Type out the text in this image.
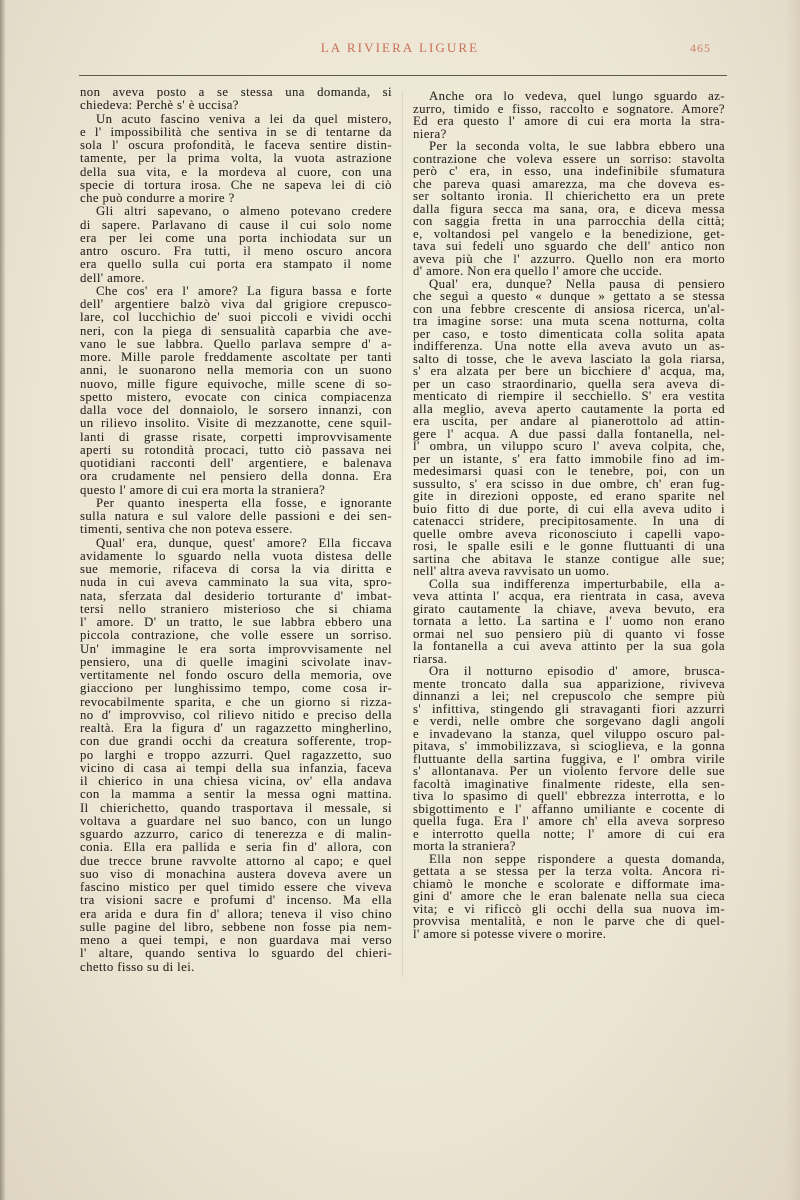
LA RIVIERA LIGURE	465
non aveva posto a se stessa una domanda, si
chiedeva: Perchè s' è uccisa?
Un acuto fascino veniva a lei da quel mistero,
e l' impossibilità che sentiva in se di tentarne da
sola l' oscura profondità, le faceva sentire distin-
tamente, per la prima volta, la vuota astrazione
della sua vita, e la mordeva al cuore, con una
specie di tortura irosa. Che ne sapeva lei di ciò
che può condurre a morire ?
Gli altri sapevano, o almeno potevano credere
di sapere. Parlavano di cause il cui solo nome
era per lei come una porta inchiodata sur un
antro oscuro. Fra tutti, il meno oscuro ancora
era quello sulla cui porta era stampato il nome
dell' amore.
Che cos' era l' amore? La figura bassa e forte
dell' argentiere balzò viva dal grigiore crepusco-
lare, col lucchichio de' suoi piccoli e vividi occhi
neri, con la piega di sensualità caparbia che ave-
vano le sue labbra. Quello parlava sempre d' a-
more. Mille parole freddamente ascoltate per tanti
anni, le suonarono nella memoria con un suono
nuovo, mille figure equivoche, mille scene di so-
spetto mistero, evocate con cinica compiacenza
dalla voce del donnaiolo, le sorsero innanzi, con
un rilievo insolito. Visite di mezzanotte, cene squil-
lanti di grasse risate, corpetti improvvisamente
aperti su rotondità procaci, tutto ciò passava nei
quotidiani racconti dell' argentiere, e balenava
ora crudamente nel pensiero della donna. Era
questo l' amore di cui era morta la straniera?
Per quanto inesperta ella fosse, e ignorante
sulla natura e sul valore delle passioni e dei sen-
timenti, sentiva che non poteva essere.
Qual' era, dunque, quest' amore? Ella ficcava
avidamente lo sguardo nella vuota distesa delle
sue memorie, rifaceva di corsa la via diritta e
nuda in cui aveva camminato la sua vita, spro-
nata, sferzata dal desiderio torturante d' imbat-
tersi nello straniero misterioso che si chiama
l' amore. D' un tratto, le sue labbra ebbero una
piccola contrazione, che volle essere un sorriso.
Un' immagine le era sorta improvvisamente nel
pensiero, una di quelle imagini scivolate inav-
vertitamente nel fondo oscuro della memoria, ove
giacciono per lunghissimo tempo, come cosa ir-
revocabilmente sparita, e che un giorno si rizza-
no d' improvviso, col rilievo nitido e preciso della
realtà. Era la figura d' un ragazzetto mingherlino,
con due grandi occhi da creatura sofferente, trop-
po larghi e troppo azzurri. Quel ragazzetto, suo
vicino di casa ai tempi della sua infanzia, faceva
il chierico in una chiesa vicina, ov' ella andava
con la mamma a sentir la messa ogni mattina.
Il chierichetto, quando trasportava il messale, si
voltava a guardare nel suo banco, con un lungo
sguardo azzurro, carico di tenerezza e di malin-
conia. Ella era pallida e seria fin d' allora, con
due trecce brune ravvolte attorno al capo; e quel
suo viso di monachina austera doveva avere un
fascino mistico per quel timido essere che viveva
tra visioni sacre e profumi d' incenso. Ma ella
era arida e dura fin d' allora; teneva il viso chino
sulle pagine del libro, sebbene non fosse pia nem-
meno a quei tempi, e non guardava mai verso
l' altare, quando sentiva lo sguardo del chieri-
chetto fisso su di lei.
Anche ora lo vedeva, quel lungo sguardo az-
zurro, timido e fisso, raccolto e sognatore. Amore?
Ed era questo l' amore di cui era morta la stra-
niera?
Per la seconda volta, le sue labbra ebbero una
contrazione che voleva essere un sorriso: stavolta
però c' era, in esso, una indefinibile sfumatura
che pareva quasi amarezza, ma che doveva es-
ser soltanto ironia. Il chierichetto era un prete
dalla figura secca ma sana, ora, e diceva messa
con saggia fretta in una parrocchia della città;
e, voltandosi pel vangelo e la benedizione, get-
tava sui fedeli uno sguardo che dell' antico non
aveva più che l' azzurro. Quello non era morto
d' amore. Non era quello l' amore che uccide.
Qual' era, dunque? Nella pausa di pensiero
che seguì a questo « dunque » gettato a se stessa
con una febbre crescente di ansiosa ricerca, un'al-
tra imagine sorse: una muta scena notturna, colta
per caso, e tosto dimenticata colla solita apata
indifferenza. Una notte ella aveva avuto un as-
salto di tosse, che le aveva lasciato la gola riarsa,
s' era alzata per bere un bicchiere d' acqua, ma,
per un caso straordinario, quella sera aveva di-
menticato di riempire il secchiello. S' era vestita
alla meglio, aveva aperto cautamente la porta ed
era uscita, per andare al pianerottolo ad attin-
gere l' acqua. A due passi dalla fontanella, nel-
l' ombra, un viluppo scuro l' aveva colpita, che,
per un istante, s' era fatto immobile fino ad im-
medesimarsi quasi con le tenebre, poi, con un
sussulto, s' era scisso in due ombre, ch' eran fug-
gite in direzioni opposte, ed erano sparite nel
buio fitto di due porte, di cui ella aveva udito i
catenacci stridere, precipitosamente. In una di
quelle ombre aveva riconosciuto i capelli vapo-
rosi, le spalle esili e le gonne fluttuanti di una
sartina che abitava le stanze contigue alle sue;
nell' altra aveva ravvisato un uomo.
Colla sua indifferenza imperturbabile, ella a-
veva attinta l' acqua, era rientrata in casa, aveva
girato cautamente la chiave, aveva bevuto, era
tornata a letto. La sartina e l' uomo non erano
ormai nel suo pensiero più di quanto vi fosse
la fontanella a cui aveva attinto per la sua gola
riarsa.
Ora il notturno episodio d' amore, brusca-
mente troncato dalla sua apparizione, riviveva
dinnanzi a lei; nel crepuscolo che sempre più
s' infittiva, stingendo gli stravaganti fiori azzurri
e verdi, nelle ombre che sorgevano dagli angoli
e invadevano la stanza, quel viluppo oscuro pal-
pitava, s' immobilizzava, si scioglieva, e la gonna
fluttuante della sartina fuggiva, e l' ombra virile
s' allontanava. Per un violento fervore delle sue
facoltà imaginative finalmente rideste, ella sen-
tiva lo spasimo di quell' ebbrezza interrotta, e lo
sbigottimento e l' affanno umiliante e cocente di
quella fuga. Era l' amore ch' ella aveva sorpreso
e interrotto quella notte; l' amore di cui era
morta la straniera?
Ella non seppe rispondere a questa domanda,
gettata a se stessa per la terza volta. Ancora ri-
chiamò le monche e scolorate e difformate ima-
gini d' amore che le eran balenate nella sua cieca
vita; e vi rificcò gli occhi della sua nuova im-
provvisa mentalità, e non le parve che di quel-
l' amore si potesse vivere o morire.
